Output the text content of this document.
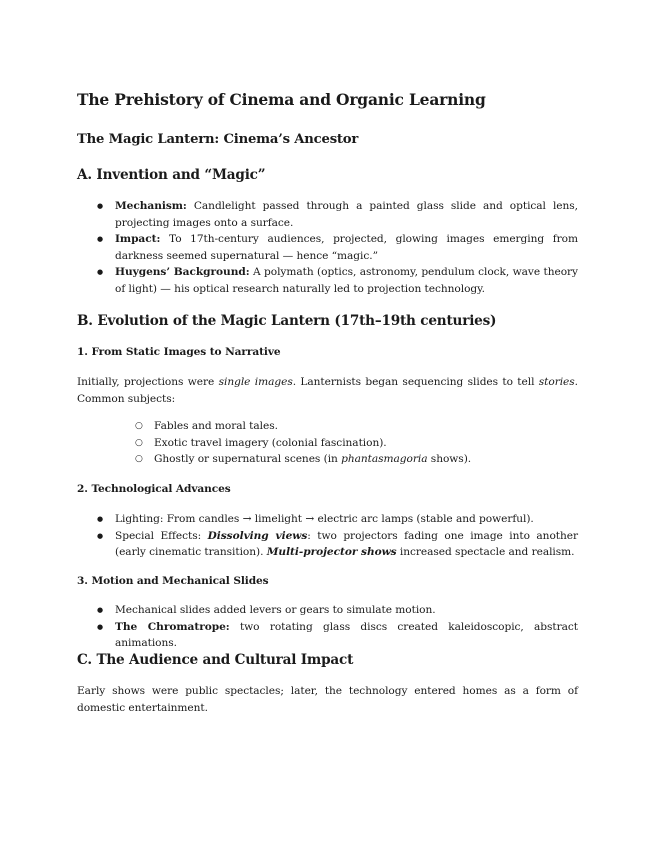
The Prehistory of Cinema and Organic Learning
The Magic Lantern: Cinema’s Ancestor
A. Invention and “Magic”
● Mechanism: Candlelight passed through a painted glass slide and optical lens, projecting images onto a surface.
● Impact: To 17th-century audiences, projected, glowing images emerging from darkness seemed supernatural — hence “magic.”
● Huygens’ Background: A polymath (optics, astronomy, pendulum clock, wave theory of light) — his optical research naturally led to projection technology.
B. Evolution of the Magic Lantern (17th–19th centuries)
1. From Static Images to Narrative

Initially, projections were single images. Lanternists began sequencing slides to tell stories. Common subjects:

○ Fables and moral tales.
○ Exotic travel imagery (colonial fascination).
○ Ghostly or supernatural scenes (in phantasmagoria shows).
2. Technological Advances
● Lighting: From candles → limelight → electric arc lamps (stable and powerful).
● Special Effects: Dissolving views: two projectors fading one image into another (early cinematic transition). Multi-projector shows increased spectacle and realism.
3. Motion and Mechanical Slides
● Mechanical slides added levers or gears to simulate motion.
● The Chromatrope: two rotating glass discs created kaleidoscopic, abstract animations.
C. The Audience and Cultural Impact

Early shows were public spectacles; later, the technology entered homes as a form of domestic entertainment.
